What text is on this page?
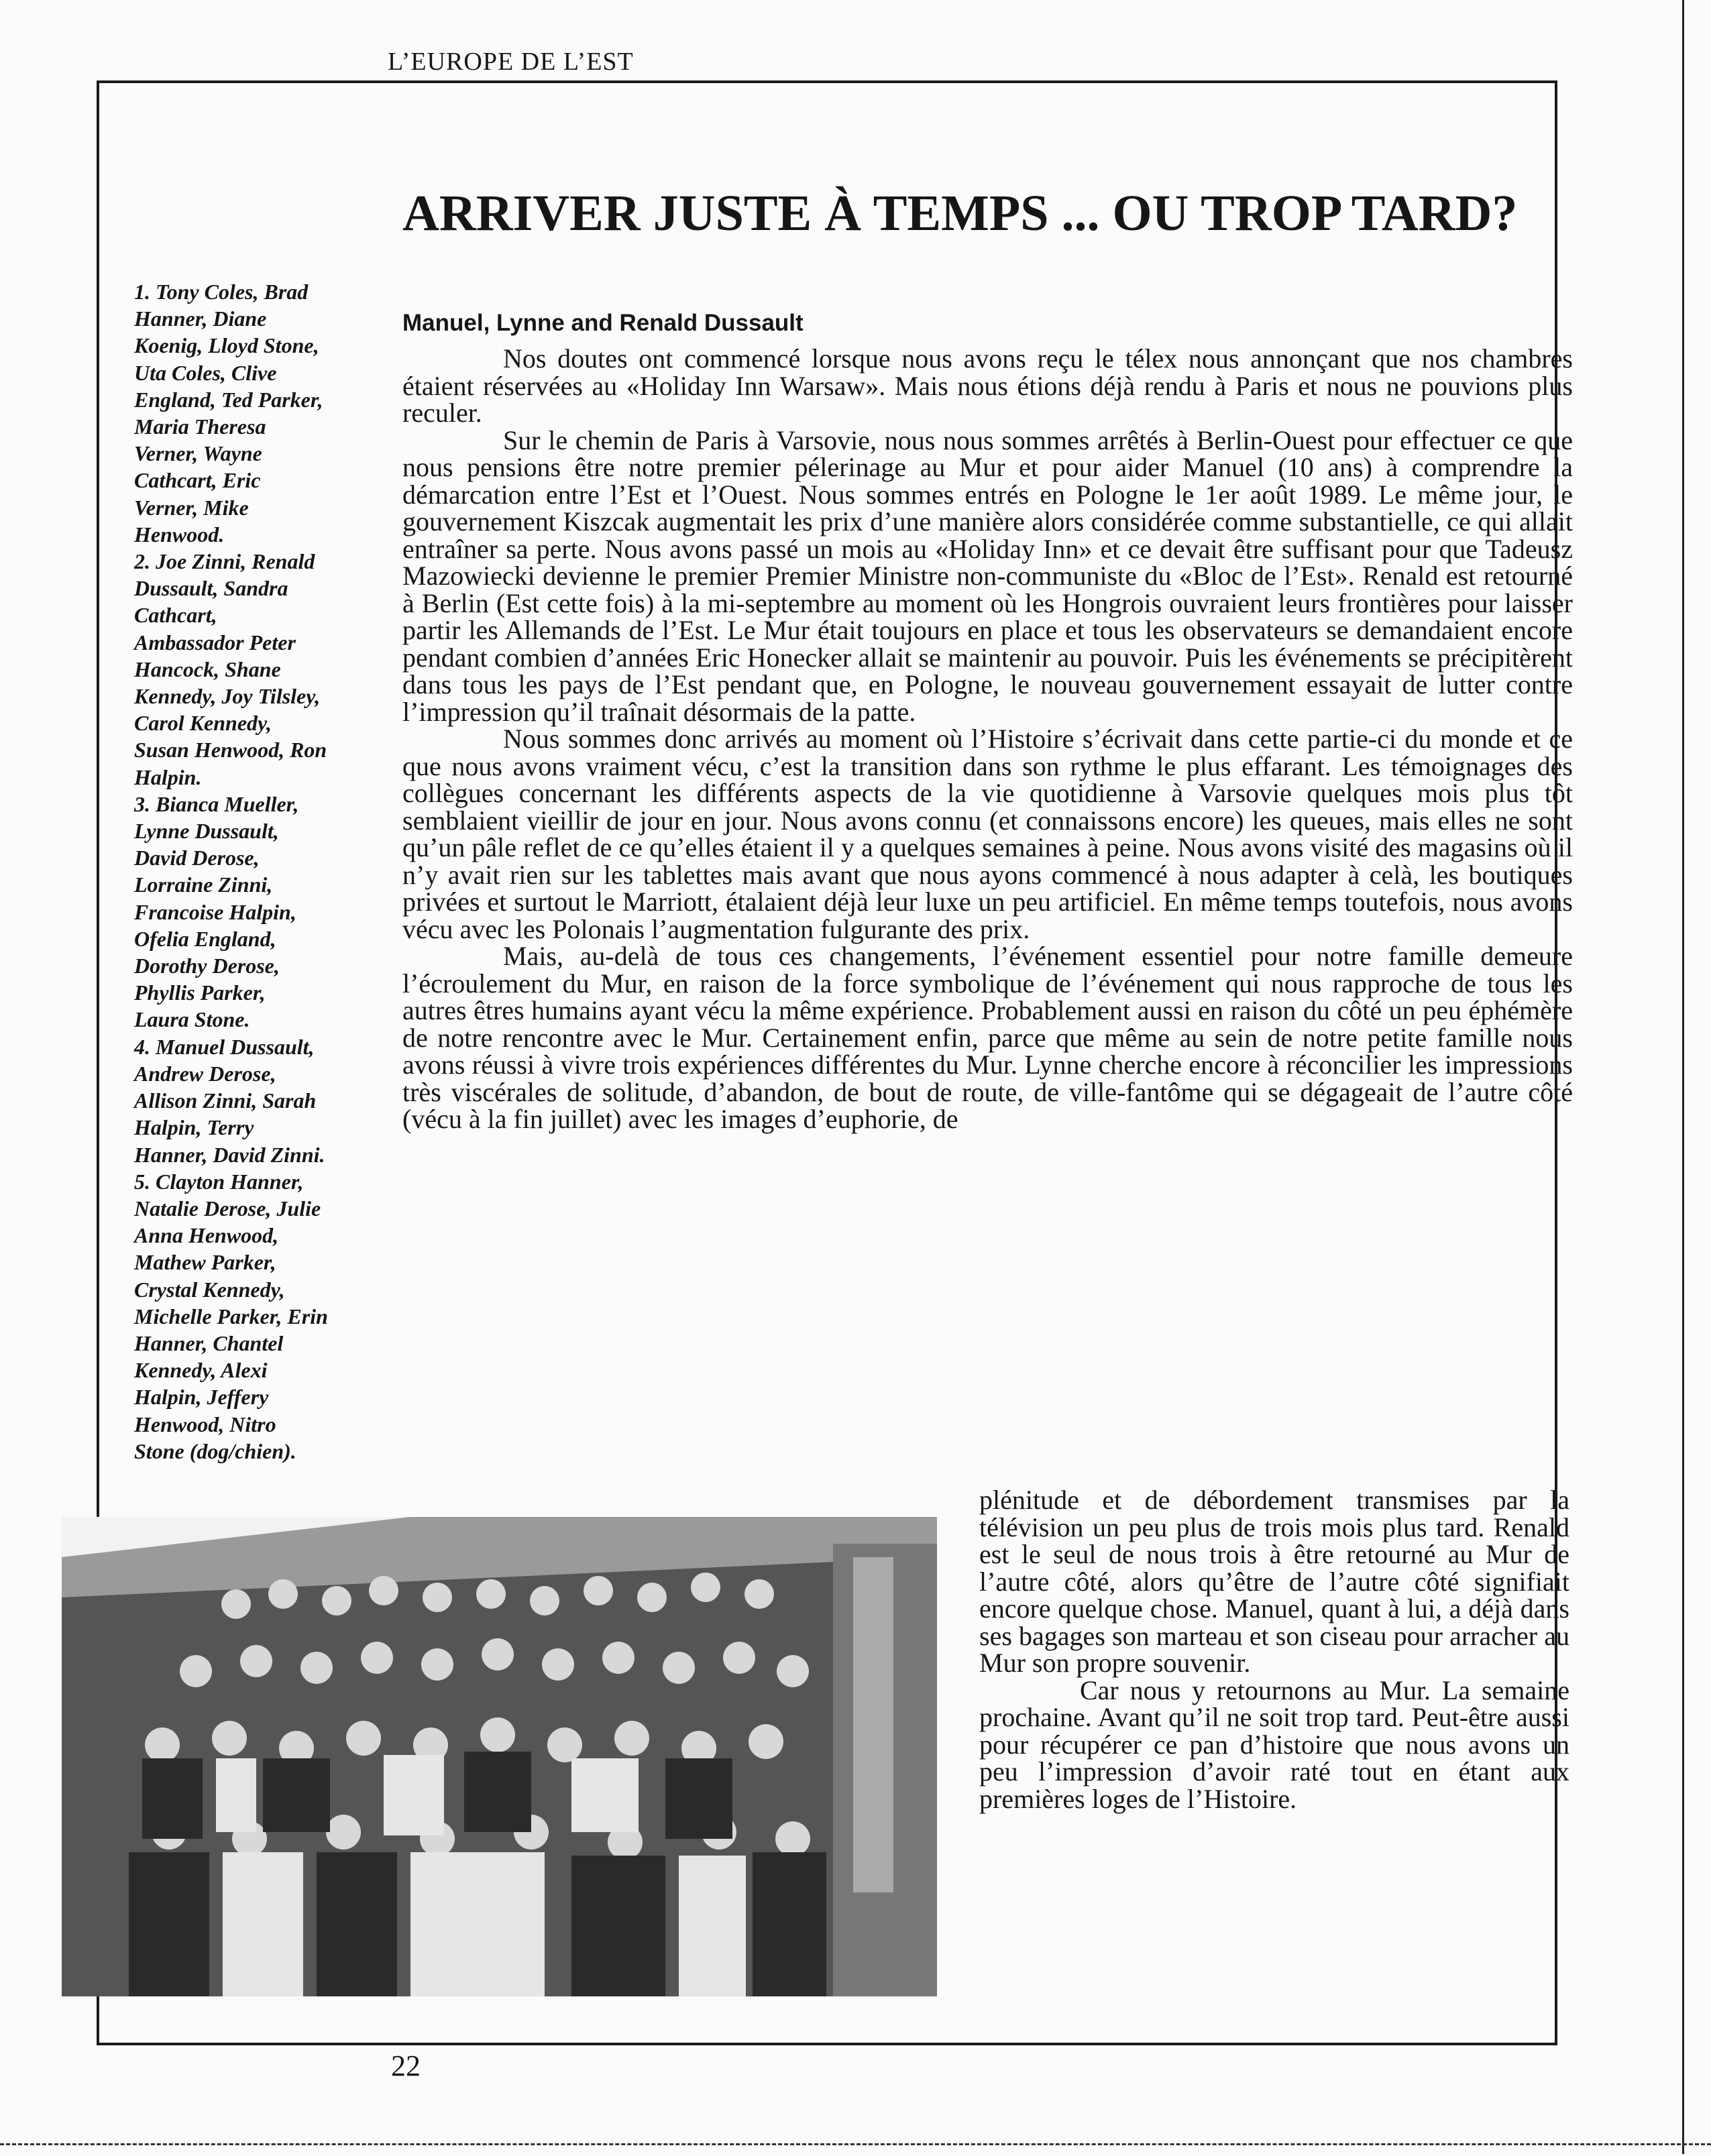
L’EUROPE DE L’EST
ARRIVER JUSTE À TEMPS ... OU TROP TARD?
1. Tony Coles, Brad
Hanner, Diane
Koenig, Lloyd Stone,
Uta Coles, Clive
England, Ted Parker,
Maria Theresa
Verner, Wayne
Cathcart, Eric
Verner, Mike
Henwood.
2. Joe Zinni, Renald
Dussault, Sandra
Cathcart,
Ambassador Peter
Hancock, Shane
Kennedy, Joy Tilsley,
Carol Kennedy,
Susan Henwood, Ron
Halpin.
3. Bianca Mueller,
Lynne Dussault,
David Derose,
Lorraine Zinni,
Francoise Halpin,
Ofelia England,
Dorothy Derose,
Phyllis Parker,
Laura Stone.
4. Manuel Dussault,
Andrew Derose,
Allison Zinni, Sarah
Halpin, Terry
Hanner, David Zinni.
5. Clayton Hanner,
Natalie Derose, Julie
Anna Henwood,
Mathew Parker,
Crystal Kennedy,
Michelle Parker, Erin
Hanner, Chantel
Kennedy, Alexi
Halpin, Jeffery
Henwood, Nitro
Stone (dog/chien).
Manuel, Lynne and Renald Dussault

Nos doutes ont commencé lorsque nous avons reçu le télex nous annonçant que nos chambres étaient réservées au «Holiday Inn Warsaw». Mais nous étions déjà rendu à Paris et nous ne pouvions plus reculer.

Sur le chemin de Paris à Varsovie, nous nous sommes arrêtés à Berlin-Ouest pour effectuer ce que nous pensions être notre premier pélerinage au Mur et pour aider Manuel (10 ans) à comprendre la démarcation entre l’Est et l’Ouest. Nous sommes entrés en Pologne le 1er août 1989. Le même jour, le gouvernement Kiszcak augmentait les prix d’une manière alors considérée comme substantielle, ce qui allait entraîner sa perte. Nous avons passé un mois au «Holiday Inn» et ce devait être suffisant pour que Tadeusz Mazowiecki devienne le premier Premier Ministre non-communiste du «Bloc de l’Est». Renald est retourné à Berlin (Est cette fois) à la mi-septembre au moment où les Hongrois ouvraient leurs frontières pour laisser partir les Allemands de l’Est. Le Mur était toujours en place et tous les observateurs se demandaient encore pendant combien d’années Eric Honecker allait se maintenir au pouvoir. Puis les événements se précipitèrent dans tous les pays de l’Est pendant que, en Pologne, le nouveau gouvernement essayait de lutter contre l’impression qu’il traînait désormais de la patte.

Nous sommes donc arrivés au moment où l’Histoire s’écrivait dans cette partie-ci du monde et ce que nous avons vraiment vécu, c’est la transition dans son rythme le plus effarant. Les témoignages des collègues concernant les différents aspects de la vie quotidienne à Varsovie quelques mois plus tôt semblaient vieillir de jour en jour. Nous avons connu (et connaissons encore) les queues, mais elles ne sont qu’un pâle reflet de ce qu’elles étaient il y a quelques semaines à peine. Nous avons visité des magasins où il n’y avait rien sur les tablettes mais avant que nous ayons commencé à nous adapter à celà, les boutiques privées et surtout le Marriott, étalaient déjà leur luxe un peu artificiel. En même temps toutefois, nous avons vécu avec les Polonais l’augmentation fulgurante des prix.

Mais, au-delà de tous ces changements, l’événement essentiel pour notre famille demeure l’écroulement du Mur, en raison de la force symbolique de l’événement qui nous rapproche de tous les autres êtres humains ayant vécu la même expérience. Probablement aussi en raison du côté un peu éphémère de notre rencontre avec le Mur. Certainement enfin, parce que même au sein de notre petite famille nous avons réussi à vivre trois expériences différentes du Mur. Lynne cherche encore à réconcilier les impressions très viscérales de solitude, d’abandon, de bout de route, de ville-fantôme qui se dégageait de l’autre côté (vécu à la fin juillet) avec les images d’euphorie, de

plénitude et de débordement transmises par la télévision un peu plus de trois mois plus tard. Renald est le seul de nous trois à être retourné au Mur de l’autre côté, alors qu’être de l’autre côté signifiait encore quelque chose. Manuel, quant à lui, a déjà dans ses bagages son marteau et son ciseau pour arracher au Mur son propre souvenir.

Car nous y retournons au Mur. La semaine prochaine. Avant qu’il ne soit trop tard. Peut-être aussi pour récupérer ce pan d’histoire que nous avons un peu l’impression d’avoir raté tout en étant aux premières loges de l’Histoire.

22
